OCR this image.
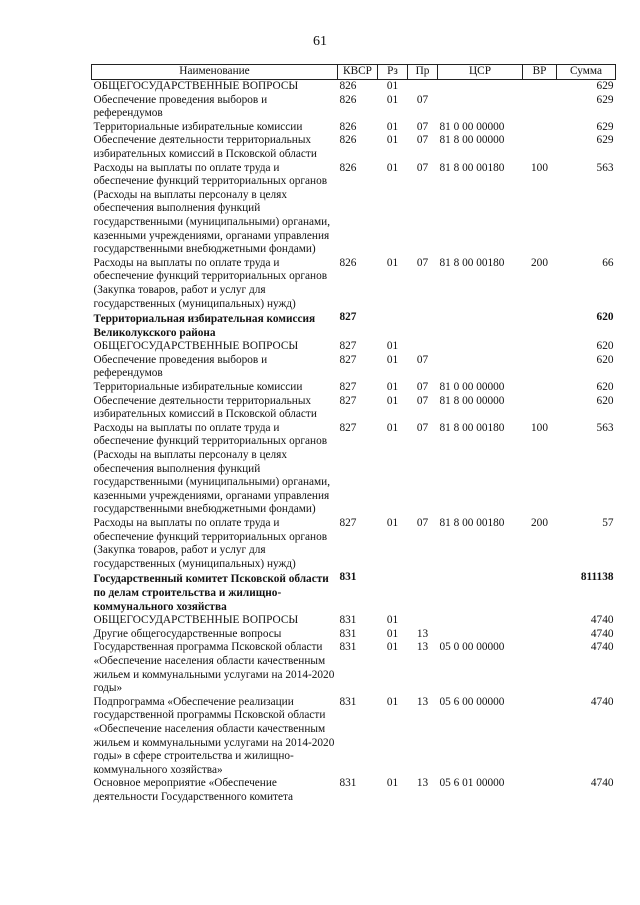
61
Наименование	КВСР	Рз	Пр	ЦСР	ВР	Сумма
ОБЩЕГОСУДАРСТВЕННЫЕ ВОПРОСЫ	826	01				629
Обеспечение проведения выборов и референдумов	826	01	07			629
Территориальные избирательные комиссии	826	01	07	81 0 00 00000		629
Обеспечение деятельности территориальных избирательных комиссий в Псковской области	826	01	07	81 8 00 00000		629
Расходы на выплаты по оплате труда и обеспечение функций территориальных органов (Расходы на выплаты персоналу в целях обеспечения выполнения функций государственными (муниципальными) органами, казенными учреждениями, органами управления государственными внебюджетными фондами)	826	01	07	81 8 00 00180	100	563
Расходы на выплаты по оплате труда и обеспечение функций территориальных органов (Закупка товаров, работ и услуг для государственных (муниципальных) нужд)	826	01	07	81 8 00 00180	200	66
Территориальная избирательная комиссия Великолукского района	827					620
ОБЩЕГОСУДАРСТВЕННЫЕ ВОПРОСЫ	827	01				620
Обеспечение проведения выборов и референдумов	827	01	07			620
Территориальные избирательные комиссии	827	01	07	81 0 00 00000		620
Обеспечение деятельности территориальных избирательных комиссий в Псковской области	827	01	07	81 8 00 00000		620
Расходы на выплаты по оплате труда и обеспечение функций территориальных органов (Расходы на выплаты персоналу в целях обеспечения выполнения функций государственными (муниципальными) органами, казенными учреждениями, органами управления государственными внебюджетными фондами)	827	01	07	81 8 00 00180	100	563
Расходы на выплаты по оплате труда и обеспечение функций территориальных органов (Закупка товаров, работ и услуг для государственных (муниципальных) нужд)	827	01	07	81 8 00 00180	200	57
Государственный комитет Псковской области по делам строительства и жилищно-коммунального хозяйства	831					811138
ОБЩЕГОСУДАРСТВЕННЫЕ ВОПРОСЫ	831	01				4740
Другие общегосударственные вопросы	831	01	13			4740
Государственная программа Псковской области «Обеспечение населения области качественным жильем и коммунальными услугами на 2014-2020 годы»	831	01	13	05 0 00 00000		4740
Подпрограмма «Обеспечение реализации государственной программы Псковской области «Обеспечение населения области качественным жильем и коммунальными услугами на 2014-2020 годы» в сфере строительства и жилищно-коммунального хозяйства»	831	01	13	05 6 00 00000		4740
Основное мероприятие «Обеспечение деятельности Государственного комитета	831	01	13	05 6 01 00000		4740
